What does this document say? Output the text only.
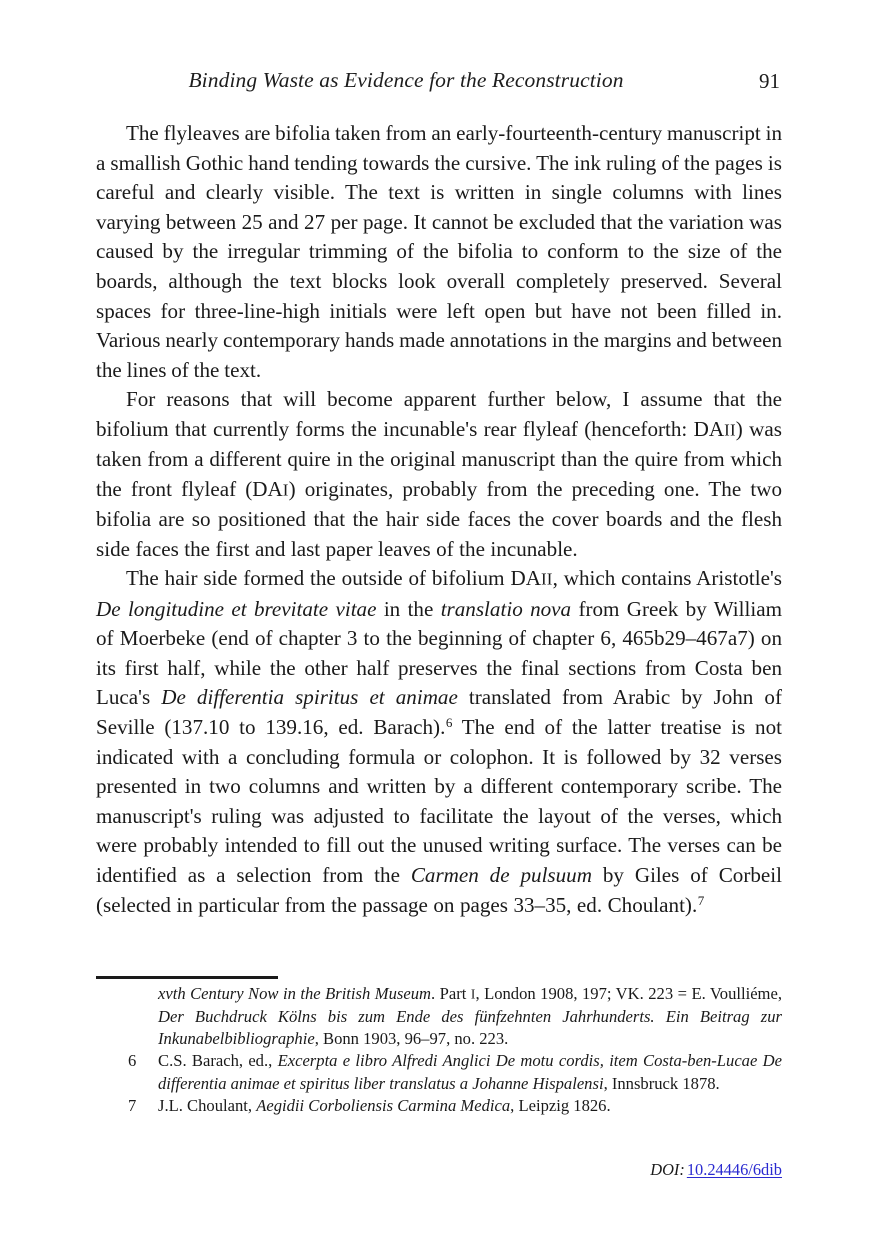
Binding Waste as Evidence for the Reconstruction	91

The flyleaves are bifolia taken from an early-fourteenth-century manuscript in a smallish Gothic hand tending towards the cursive. The ink ruling of the pages is careful and clearly visible. The text is written in single columns with lines varying between 25 and 27 per page. It cannot be excluded that the variation was caused by the irregular trimming of the bifolia to conform to the size of the boards, although the text blocks look overall completely preserved. Several spaces for three-line-high initials were left open but have not been filled in. Various nearly contemporary hands made annotations in the margins and between the lines of the text.

For reasons that will become apparent further below, I assume that the bifolium that currently forms the incunable's rear flyleaf (henceforth: DAII) was taken from a different quire in the original manuscript than the quire from which the front flyleaf (DAI) originates, probably from the preceding one. The two bifolia are so positioned that the hair side faces the cover boards and the flesh side faces the first and last paper leaves of the incunable.

The hair side formed the outside of bifolium DAII, which contains Aristotle's De longitudine et brevitate vitae in the translatio nova from Greek by William of Moerbeke (end of chapter 3 to the beginning of chapter 6, 465b29–467a7) on its first half, while the other half preserves the final sections from Costa ben Luca's De differentia spiritus et animae translated from Arabic by John of Seville (137.10 to 139.16, ed. Barach).$^6$ The end of the latter treatise is not indicated with a concluding formula or colophon. It is followed by 32 verses presented in two columns and written by a different contemporary scribe. The manuscript's ruling was adjusted to facilitate the layout of the verses, which were probably intended to fill out the unused writing surface. The verses can be identified as a selection from the Carmen de pulsuum by Giles of Corbeil (selected in particular from the passage on pages 33–35, ed. Choulant).$^7$

xvth Century Now in the British Museum. Part I, London 1908, 197; VK. 223 = E. Voulliéme, Der Buchdruck Kölns bis zum Ende des fünfzehnten Jahrhunderts. Ein Beitrag zur Inkunabelbibliographie, Bonn 1903, 96–97, no. 223.

6	C.S. Barach, ed., Excerpta e libro Alfredi Anglici De motu cordis, item Costa-ben-Lucae De differentia animae et spiritus liber translatus a Johanne Hispalensi, Innsbruck 1878.

7	J.L. Choulant, Aegidii Corboliensis Carmina Medica, Leipzig 1826.

DOI: 10.24446/6dib
